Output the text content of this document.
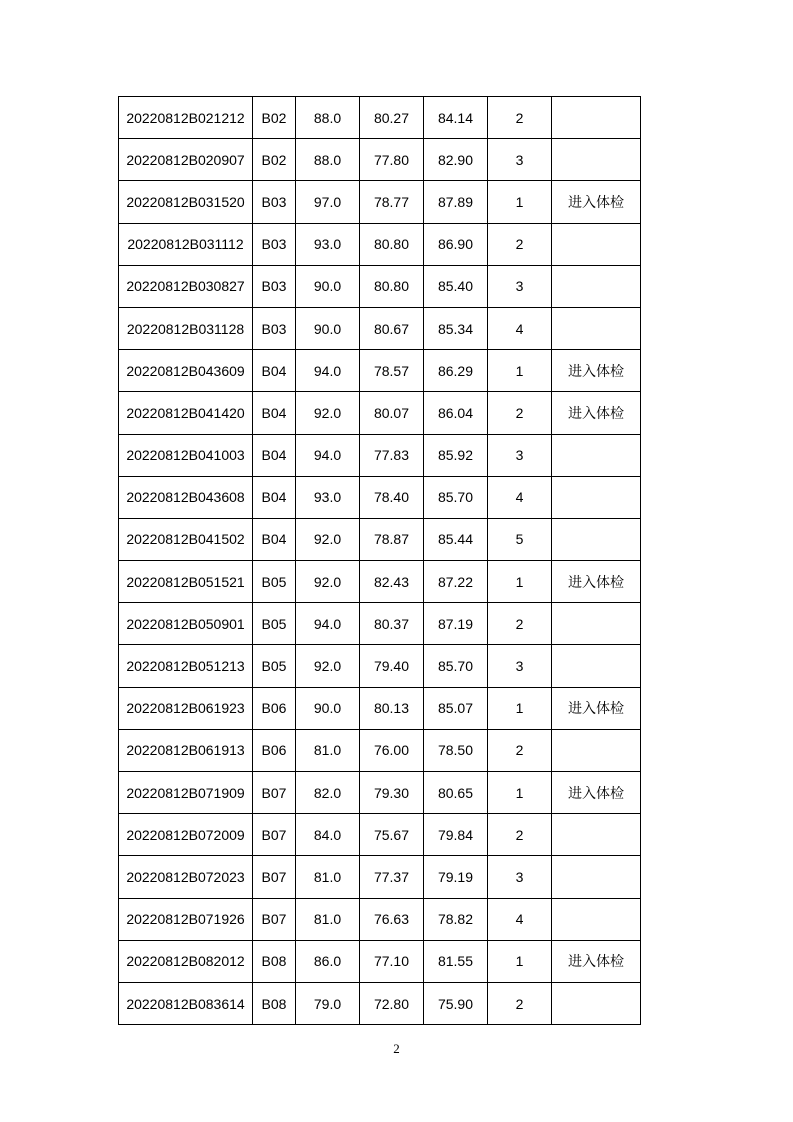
20220812B021212	B02	88.0	80.27	84.14	2	
20220812B020907	B02	88.0	77.80	82.90	3	
20220812B031520	B03	97.0	78.77	87.89	1	进入体检
20220812B031112	B03	93.0	80.80	86.90	2	
20220812B030827	B03	90.0	80.80	85.40	3	
20220812B031128	B03	90.0	80.67	85.34	4	
20220812B043609	B04	94.0	78.57	86.29	1	进入体检
20220812B041420	B04	92.0	80.07	86.04	2	进入体检
20220812B041003	B04	94.0	77.83	85.92	3	
20220812B043608	B04	93.0	78.40	85.70	4	
20220812B041502	B04	92.0	78.87	85.44	5	
20220812B051521	B05	92.0	82.43	87.22	1	进入体检
20220812B050901	B05	94.0	80.37	87.19	2	
20220812B051213	B05	92.0	79.40	85.70	3	
20220812B061923	B06	90.0	80.13	85.07	1	进入体检
20220812B061913	B06	81.0	76.00	78.50	2	
20220812B071909	B07	82.0	79.30	80.65	1	进入体检
20220812B072009	B07	84.0	75.67	79.84	2	
20220812B072023	B07	81.0	77.37	79.19	3	
20220812B071926	B07	81.0	76.63	78.82	4	
20220812B082012	B08	86.0	77.10	81.55	1	进入体检
20220812B083614	B08	79.0	72.80	75.90	2	
2
